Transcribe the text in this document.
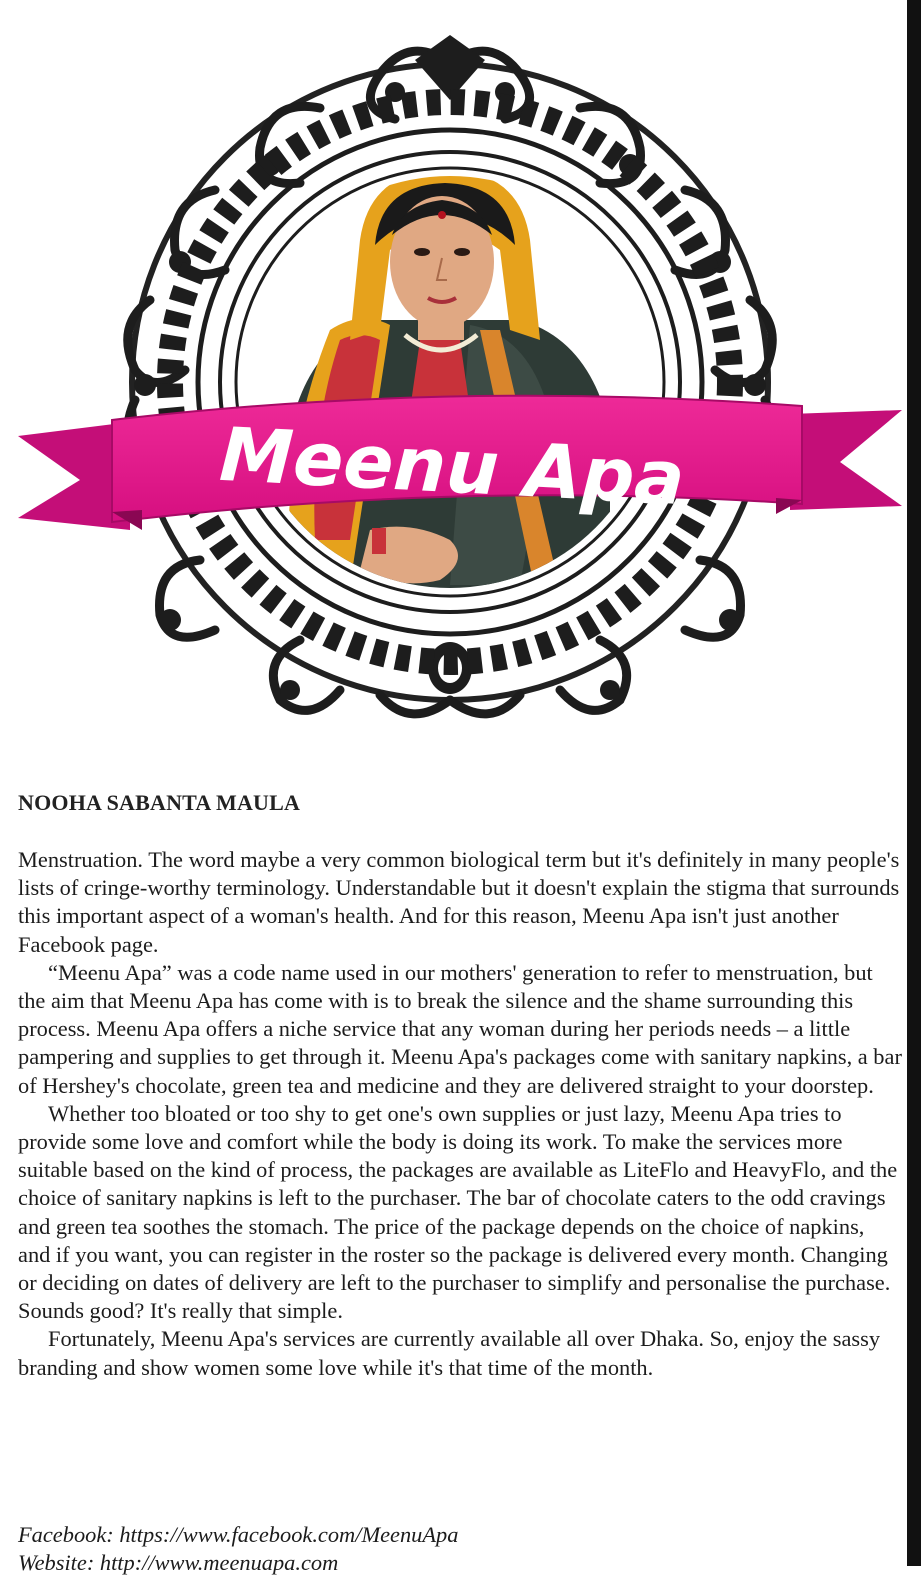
Meenu Apa
NOOHA SABANTA MAULA

Menstruation. The word maybe a very common biological term but it's definitely in many people's lists of cringe-worthy terminology. Understandable but it doesn't explain the stigma that surrounds this important aspect of a woman's health. And for this reason, Meenu Apa isn't just another Facebook page.

“Meenu Apa” was a code name used in our mothers' generation to refer to menstruation, but the aim that Meenu Apa has come with is to break the silence and the shame surrounding this process. Meenu Apa offers a niche service that any woman during her periods needs – a little pampering and supplies to get through it. Meenu Apa's packages come with sanitary napkins, a bar of Hershey's chocolate, green tea and medicine and they are delivered straight to your doorstep.

Whether too bloated or too shy to get one's own supplies or just lazy, Meenu Apa tries to provide some love and comfort while the body is doing its work. To make the services more suitable based on the kind of process, the packages are available as LiteFlo and HeavyFlo, and the choice of sanitary napkins is left to the purchaser. The bar of chocolate caters to the odd cravings and green tea soothes the stomach. The price of the package depends on the choice of napkins, and if you want, you can register in the roster so the package is delivered every month. Changing or deciding on dates of delivery are left to the purchaser to simplify and personalise the purchase. Sounds good? It's really that simple.

Fortunately, Meenu Apa's services are currently available all over Dhaka. So, enjoy the sassy branding and show women some love while it's that time of the month.

Facebook: https://www.facebook.com/MeenuApa
Website: http://www.meenuapa.com
